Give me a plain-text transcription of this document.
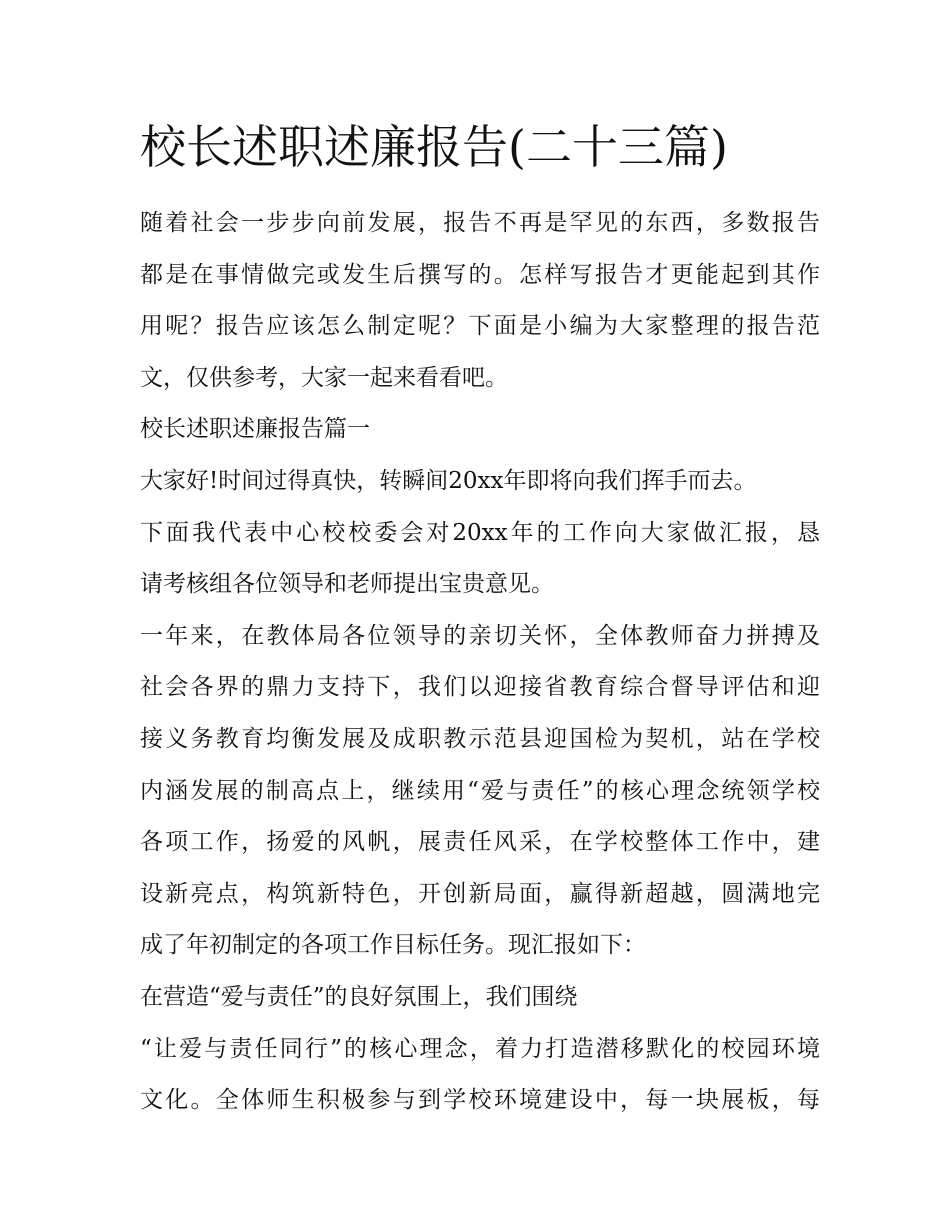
校长述职述廉报告(二十三篇)
随着社会一步步向前发展，报告不再是罕见的东西，多数报告
都是在事情做完或发生后撰写的。怎样写报告才更能起到其作
用呢？报告应该怎么制定呢？下面是小编为大家整理的报告范
文，仅供参考，大家一起来看看吧。
校长述职述廉报告篇一
大家好!时间过得真快，转瞬间20xx年即将向我们挥手而去。
下面我代表中心校校委会对20xx年的工作向大家做汇报，恳
请考核组各位领导和老师提出宝贵意见。
一年来，在教体局各位领导的亲切关怀，全体教师奋力拼搏及
社会各界的鼎力支持下，我们以迎接省教育综合督导评估和迎
接义务教育均衡发展及成职教示范县迎国检为契机，站在学校
内涵发展的制高点上，继续用“爱与责任”的核心理念统领学校
各项工作，扬爱的风帆，展责任风采，在学校整体工作中，建
设新亮点，构筑新特色，开创新局面，赢得新超越，圆满地完
成了年初制定的各项工作目标任务。现汇报如下：
在营造“爱与责任”的良好氛围上，我们围绕
“让爱与责任同行”的核心理念，着力打造潜移默化的校园环境
文化。全体师生积极参与到学校环境建设中，每一块展板，每
